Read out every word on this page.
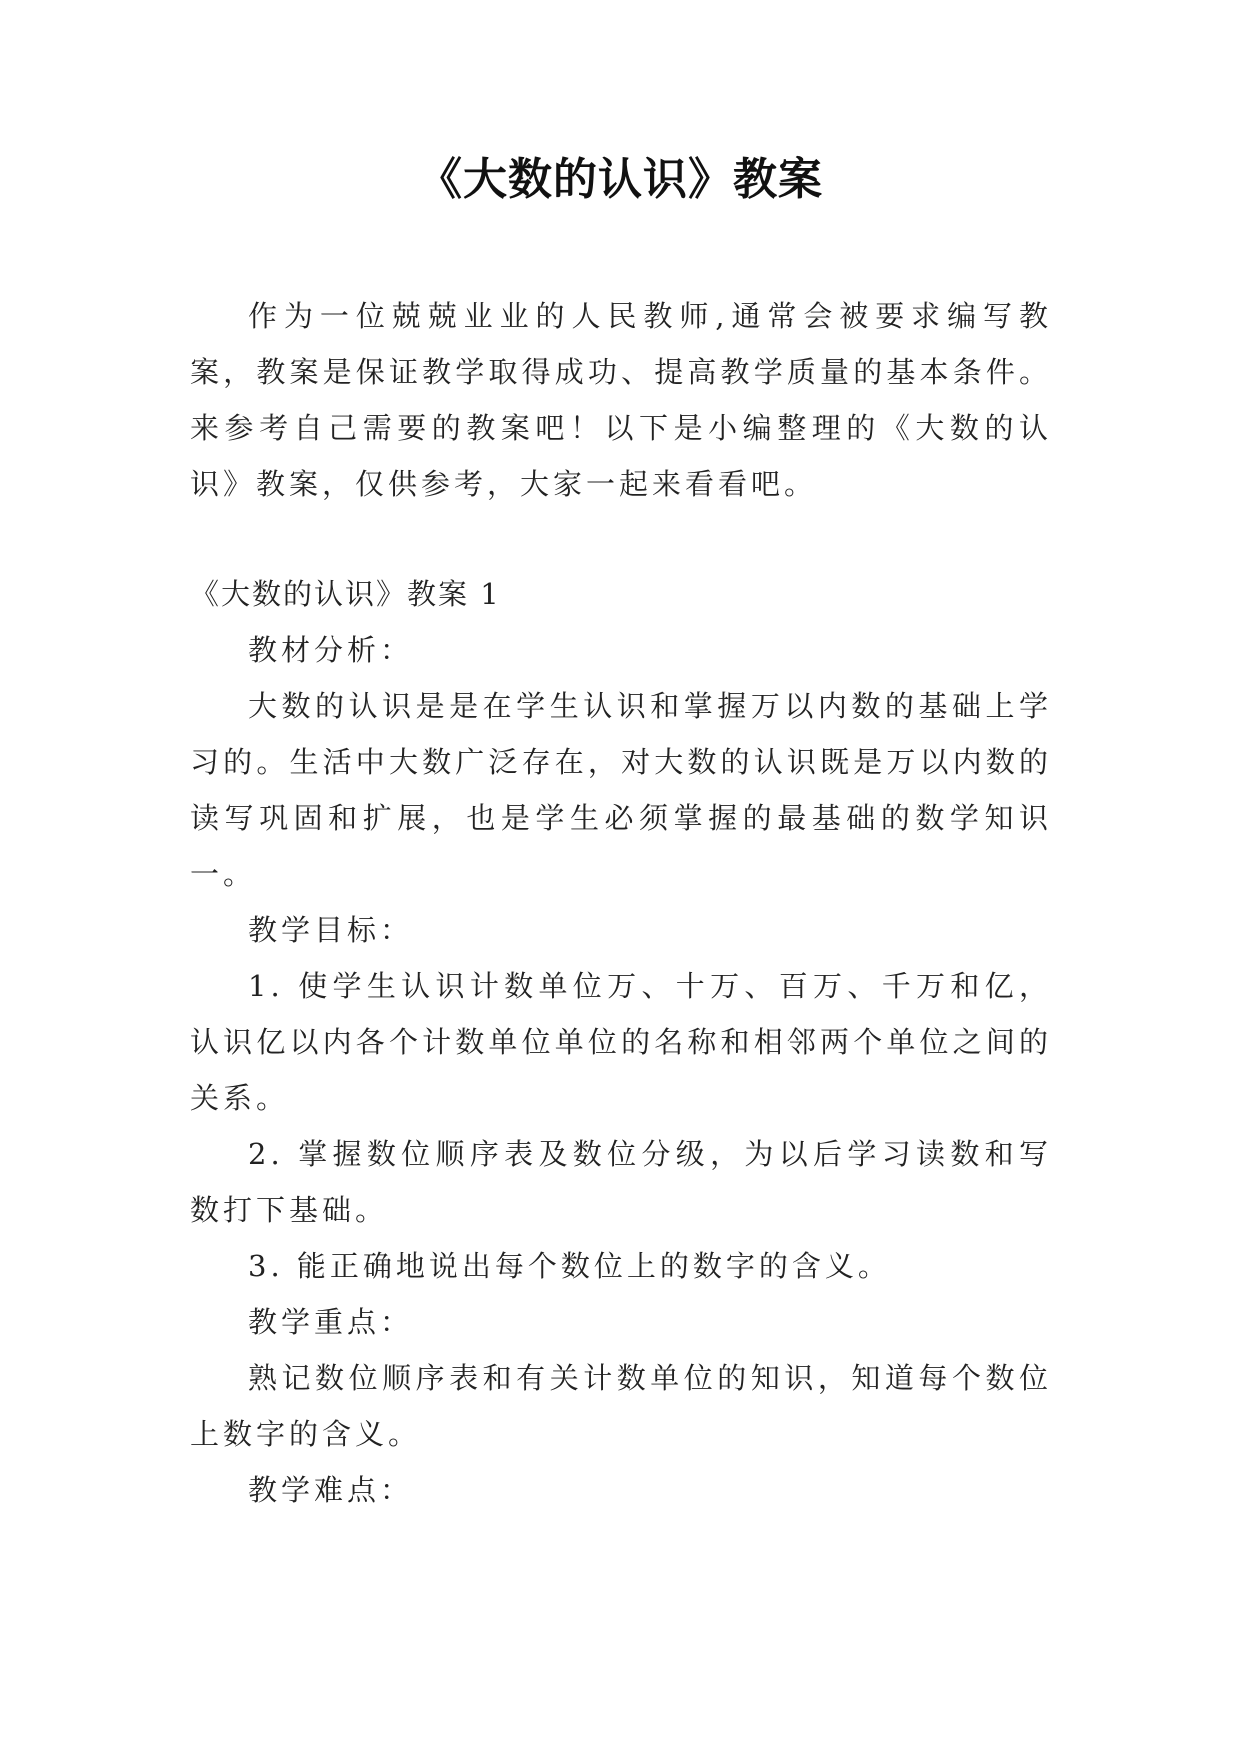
《大数的认识》教案

作为一位兢兢业业的人民教师,通常会被要求编写教案，教案是保证教学取得成功、提高教学质量的基本条件。来参考自己需要的教案吧！以下是小编整理的《大数的认识》教案，仅供参考，大家一起来看看吧。

《大数的认识》教案 1

教材分析：

大数的认识是是在学生认识和掌握万以内数的基础上学习的。生活中大数广泛存在，对大数的认识既是万以内数的读写巩固和扩展，也是学生必须掌握的最基础的数学知识一。

教学目标：

1. 使学生认识计数单位万、十万、百万、千万和亿，认识亿以内各个计数单位单位的名称和相邻两个单位之间的关系。

2. 掌握数位顺序表及数位分级，为以后学习读数和写数打下基础。

3. 能正确地说出每个数位上的数字的含义。

教学重点：

熟记数位顺序表和有关计数单位的知识，知道每个数位上数字的含义。

教学难点：
